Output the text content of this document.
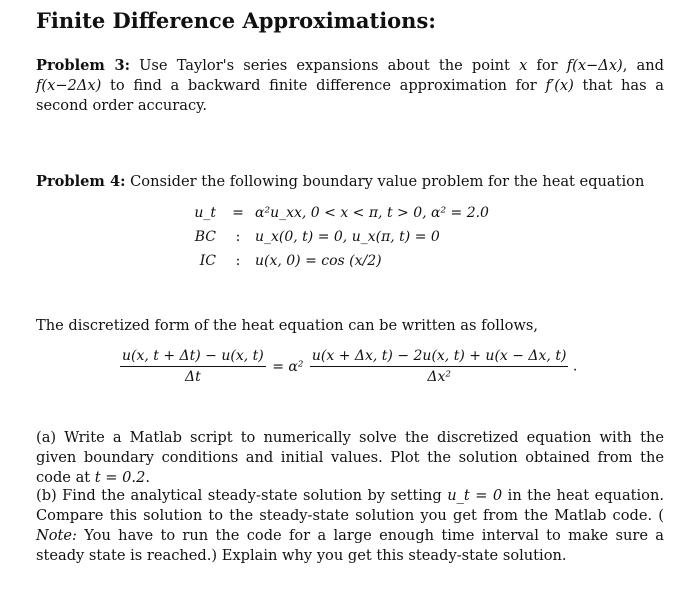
Finite Difference Approximations:
Problem 3: Use Taylor's series expansions about the point x for f(x−Δx), and f(x−2Δx) to find a backward finite difference approximation for f′(x) that has a second order accuracy.
Problem 4: Consider the following boundary value problem for the heat equation
u_t = α²u_xx, 0 < x < π, t > 0, α² = 2.0
BC	:	u_x(0, t) = 0, u_x(π, t) = 0
IC	:	u(x, 0) = cos (x/2)
The discretized form of the heat equation can be written as follows,
$\frac{u(x, t + \Delta t) - u(x, t)}{\Delta t} = \alpha^2 \frac{u(x + \Delta x, t) - 2u(x, t) + u(x - \Delta x, t)}{\text{Δx²}}$ .
(a) Write a Matlab script to numerically solve the discretized equation with the given boundary conditions and initial values. Plot the solution obtained from the code at t = 0.2.
(b) Find the analytical steady-state solution by setting u_t = 0 in the heat equation. Compare this solution to the steady-state solution you get from the Matlab code. ( Note: You have to run the code for a large enough time interval to make sure a steady state is reached.) Explain why you get this steady-state solution.
